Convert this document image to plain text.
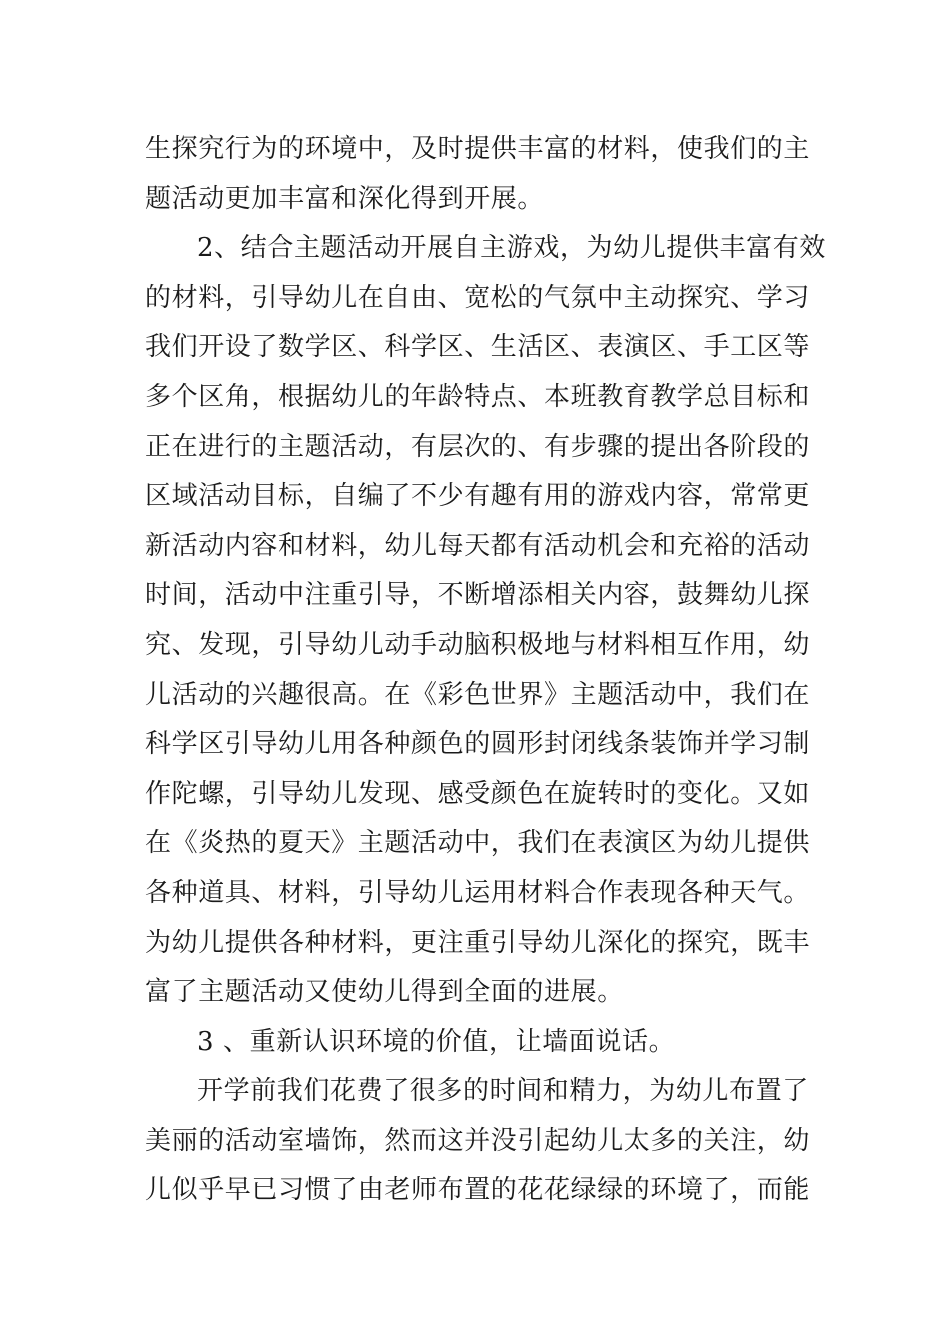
生探究行为的环境中，及时提供丰富的材料，使我们的主
题活动更加丰富和深化得到开展。
2、结合主题活动开展自主游戏，为幼儿提供丰富有效
的材料，引导幼儿在自由、宽松的气氛中主动探究、学习
我们开设了数学区、科学区、生活区、表演区、手工区等
多个区角，根据幼儿的年龄特点、本班教育教学总目标和
正在进行的主题活动，有层次的、有步骤的提出各阶段的
区域活动目标，自编了不少有趣有用的游戏内容，常常更
新活动内容和材料，幼儿每天都有活动机会和充裕的活动
时间，活动中注重引导，不断增添相关内容，鼓舞幼儿探
究、发现，引导幼儿动手动脑积极地与材料相互作用，幼
儿活动的兴趣很高。在《彩色世界》主题活动中，我们在
科学区引导幼儿用各种颜色的圆形封闭线条装饰并学习制
作陀螺，引导幼儿发现、感受颜色在旋转时的变化。又如
在《炎热的夏天》主题活动中，我们在表演区为幼儿提供
各种道具、材料，引导幼儿运用材料合作表现各种天气。
为幼儿提供各种材料，更注重引导幼儿深化的探究，既丰
富了主题活动又使幼儿得到全面的进展。
3 、重新认识环境的价值，让墙面说话。
开学前我们花费了很多的时间和精力，为幼儿布置了
美丽的活动室墙饰，然而这并没引起幼儿太多的关注，幼
儿似乎早已习惯了由老师布置的花花绿绿的环境了，而能
